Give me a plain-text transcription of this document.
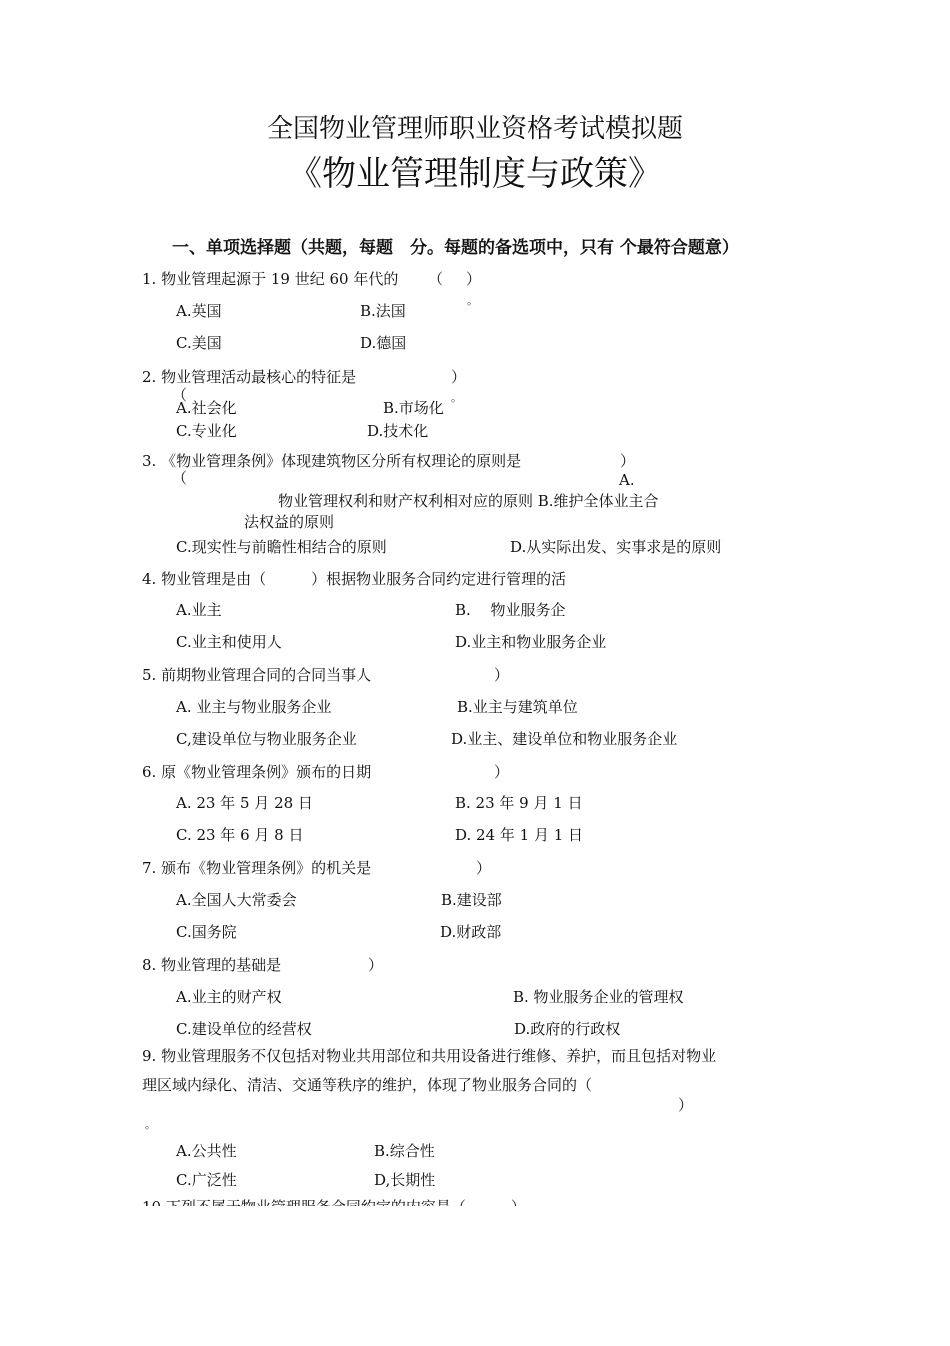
全国物业管理师职业资格考试模拟题
《物业管理制度与政策》
一、单项选择题（共题，每题　分。每题的备选项中，只有 个最符合题意）
1. 物业管理起源于 19 世纪 60 年代的 （ ）
。
A.英国	B.法国
C.美国	D.德国
2. 物业管理活动最核心的特征是	）
（	。
A.社会化	B.市场化
C.专业化	D.技术化
3. 《物业管理条例》体现建筑物区分所有权理论的原则是	）
（	A.
物业管理权利和财产权利相对应的原则 B.维护全体业主合
法权益的原则
C.现实性与前瞻性相结合的原则	D.从实际出发、实事求是的原则
4. 物业管理是由（　　　）根据物业服务合同约定进行管理的活
A.业主	B.　 物业服务企
C.业主和使用人	D.业主和物业服务企业
5. 前期物业管理合同的合同当事人	）
A. 业主与物业服务企业	B.业主与建筑单位
C,建设单位与物业服务企业	D.业主、建设单位和物业服务企业
6. 原《物业管理条例》颁布的日期	）
A. 23 年 5 月 28 日	B. 23 年 9 月 1 日
C. 23 年 6 月 8 日	D. 24 年 1 月 1 日
7. 颁布《物业管理条例》的机关是	）
A.全国人大常委会	B.建设部
C.国务院	D.财政部
8. 物业管理的基础是	）
A.业主的财产权	B. 物业服务企业的管理权
C.建设单位的经营权	D.政府的行政权
9. 物业管理服务不仅包括对物业共用部位和共用设备进行维修、养护，而且包括对物业
理区域内绿化、清洁、交通等秩序的维护，体现了物业服务合同的（
）
。
A.公共性	B.综合性
C.广泛性	D,长期性
